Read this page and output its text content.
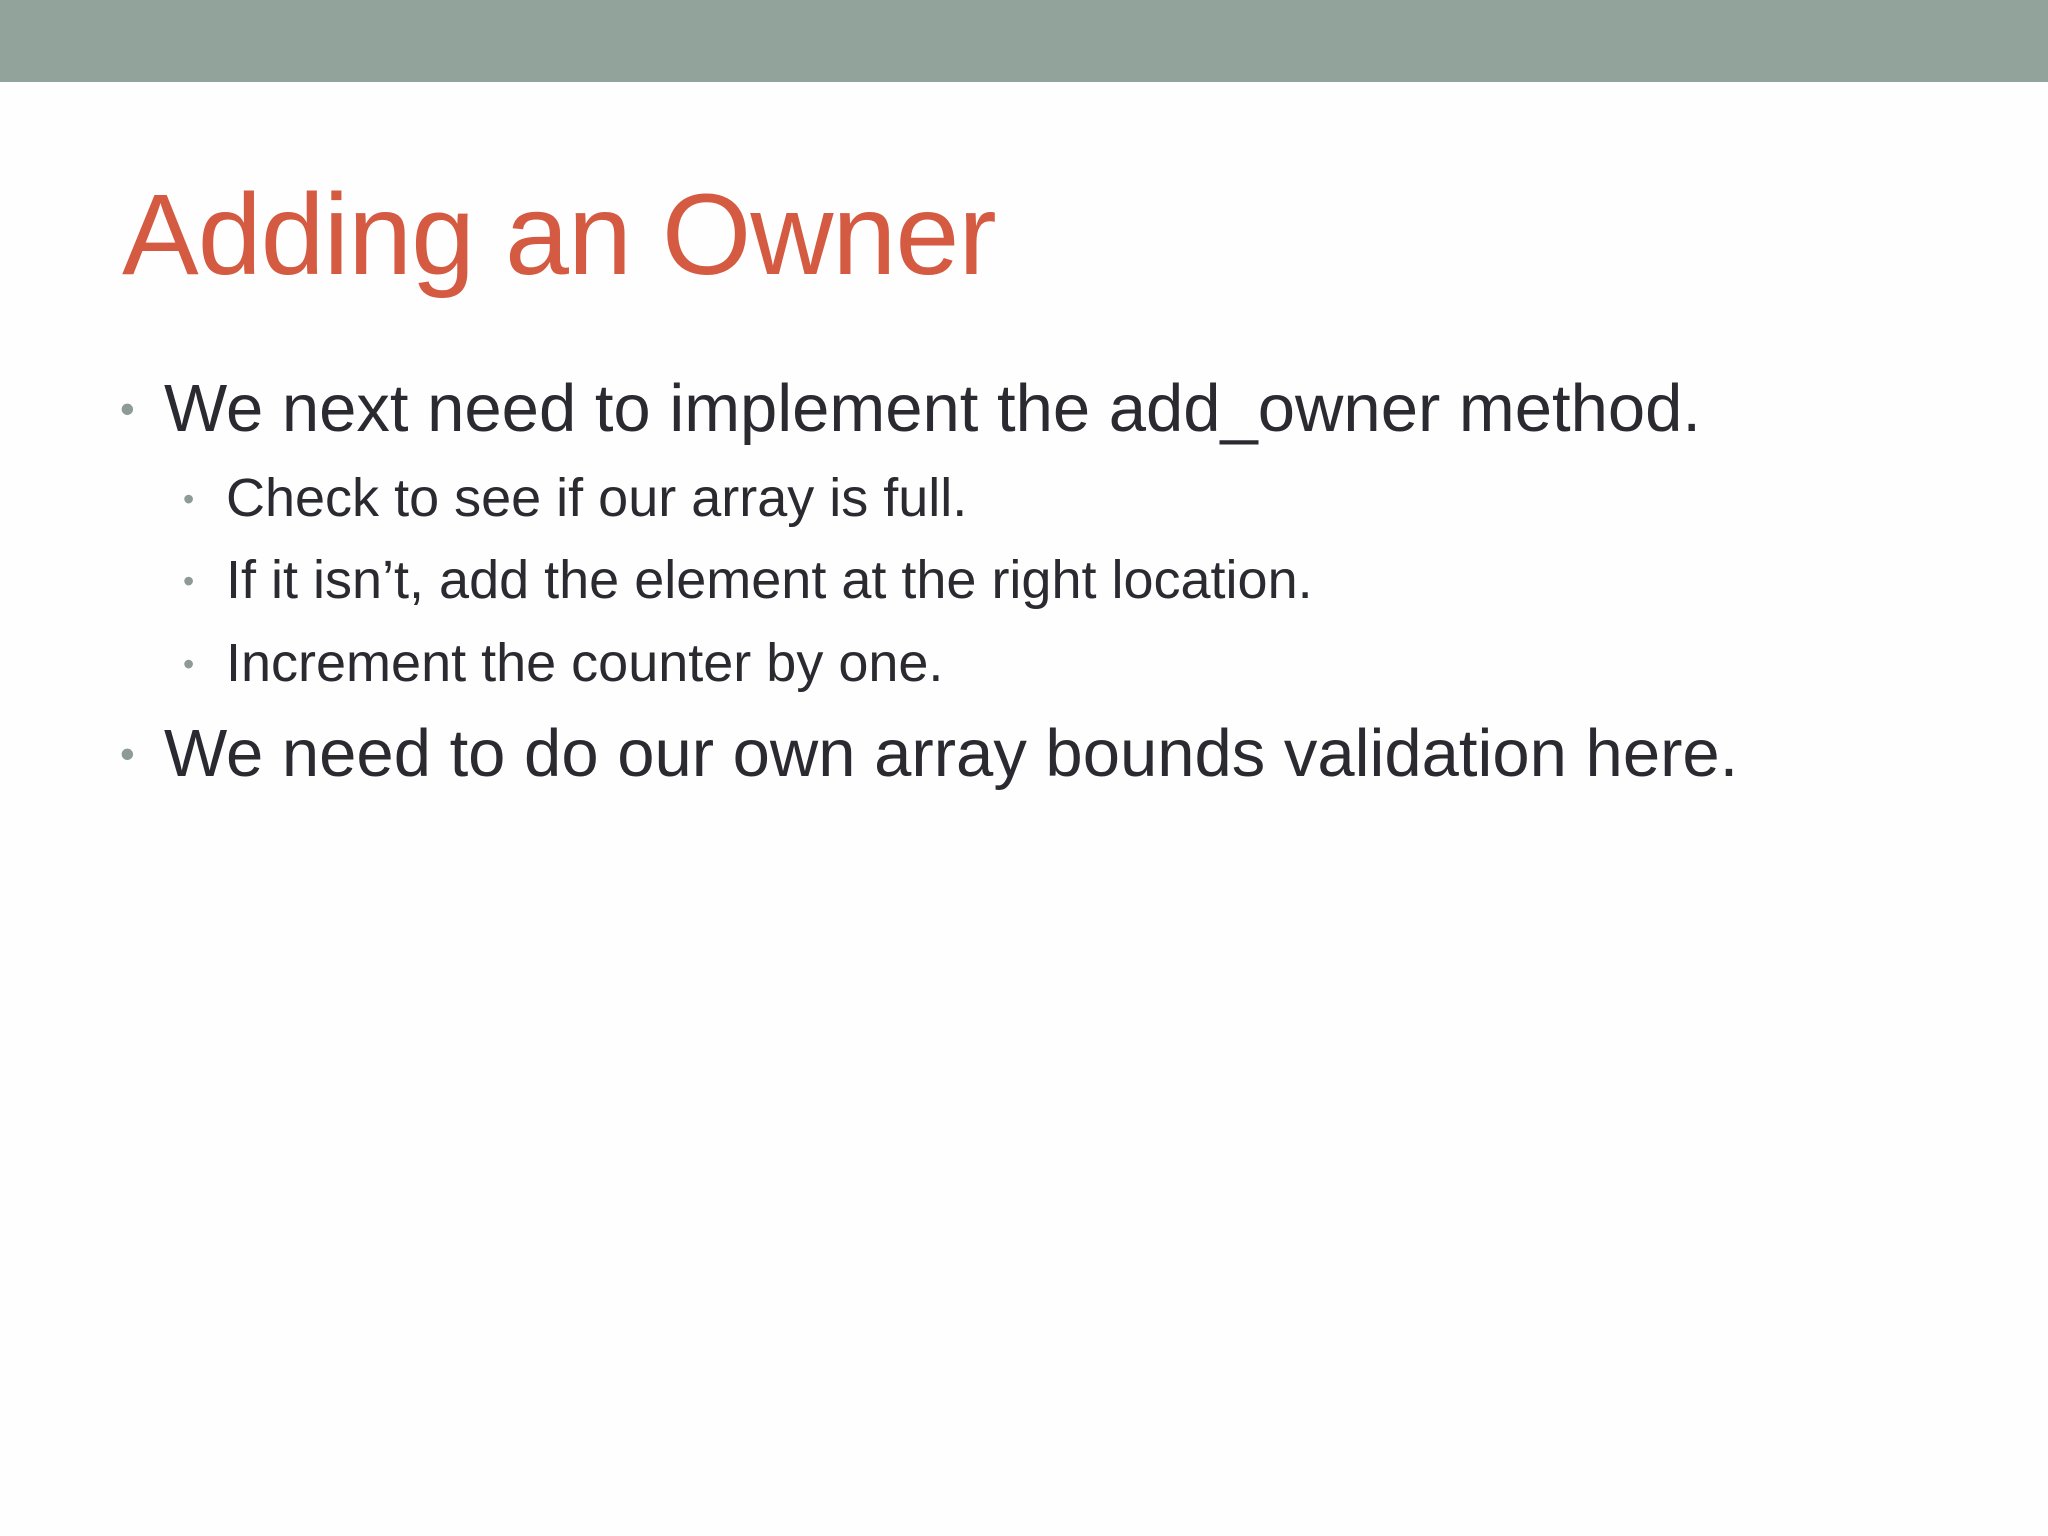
Adding an Owner
• We next need to implement the add_owner method.
• Check to see if our array is full.
• If it isn’t, add the element at the right location.
• Increment the counter by one.
• We need to do our own array bounds validation here.
